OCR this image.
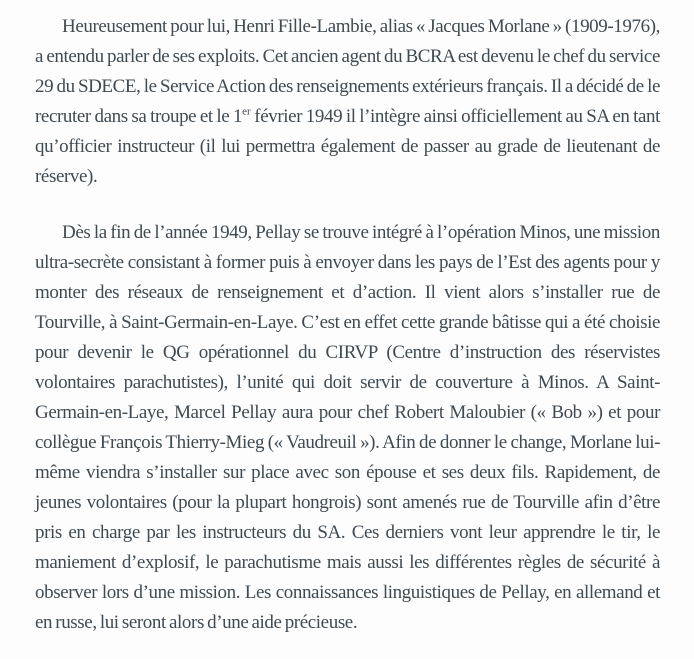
Heureusement pour lui, Henri Fille-Lambie, alias « Jacques Morlane » (1909-1976), a entendu parler de ses exploits. Cet ancien agent du BCRA est devenu le chef du service 29 du SDECE, le Service Action des renseignements extérieurs français. Il a décidé de le recruter dans sa troupe et le 1er février 1949 il l’intègre ainsi officiellement au SA en tant qu’officier instructeur (il lui permettra également de passer au grade de lieutenant de réserve).

Dès la fin de l’année 1949, Pellay se trouve intégré à l’opération Minos, une mission ultra-secrète consistant à former puis à envoyer dans les pays de l’Est des agents pour y monter des réseaux de renseignement et d’action. Il vient alors s’installer rue de Tourville, à Saint-Germain-en-Laye. C’est en effet cette grande bâtisse qui a été choisie pour devenir le QG opérationnel du CIRVP (Centre d’instruction des réservistes volontaires parachutistes), l’unité qui doit servir de couverture à Minos. A Saint-Germain-en-Laye, Marcel Pellay aura pour chef Robert Maloubier (« Bob ») et pour collègue François Thierry-Mieg (« Vaudreuil »). Afin de donner le change, Morlane lui-même viendra s’installer sur place avec son épouse et ses deux fils. Rapidement, de jeunes volontaires (pour la plupart hongrois) sont amenés rue de Tourville afin d’être pris en charge par les instructeurs du SA. Ces derniers vont leur apprendre le tir, le maniement d’explosif, le parachutisme mais aussi les différentes règles de sécurité à observer lors d’une mission. Les connaissances linguistiques de Pellay, en allemand et en russe, lui seront alors d’une aide précieuse.
